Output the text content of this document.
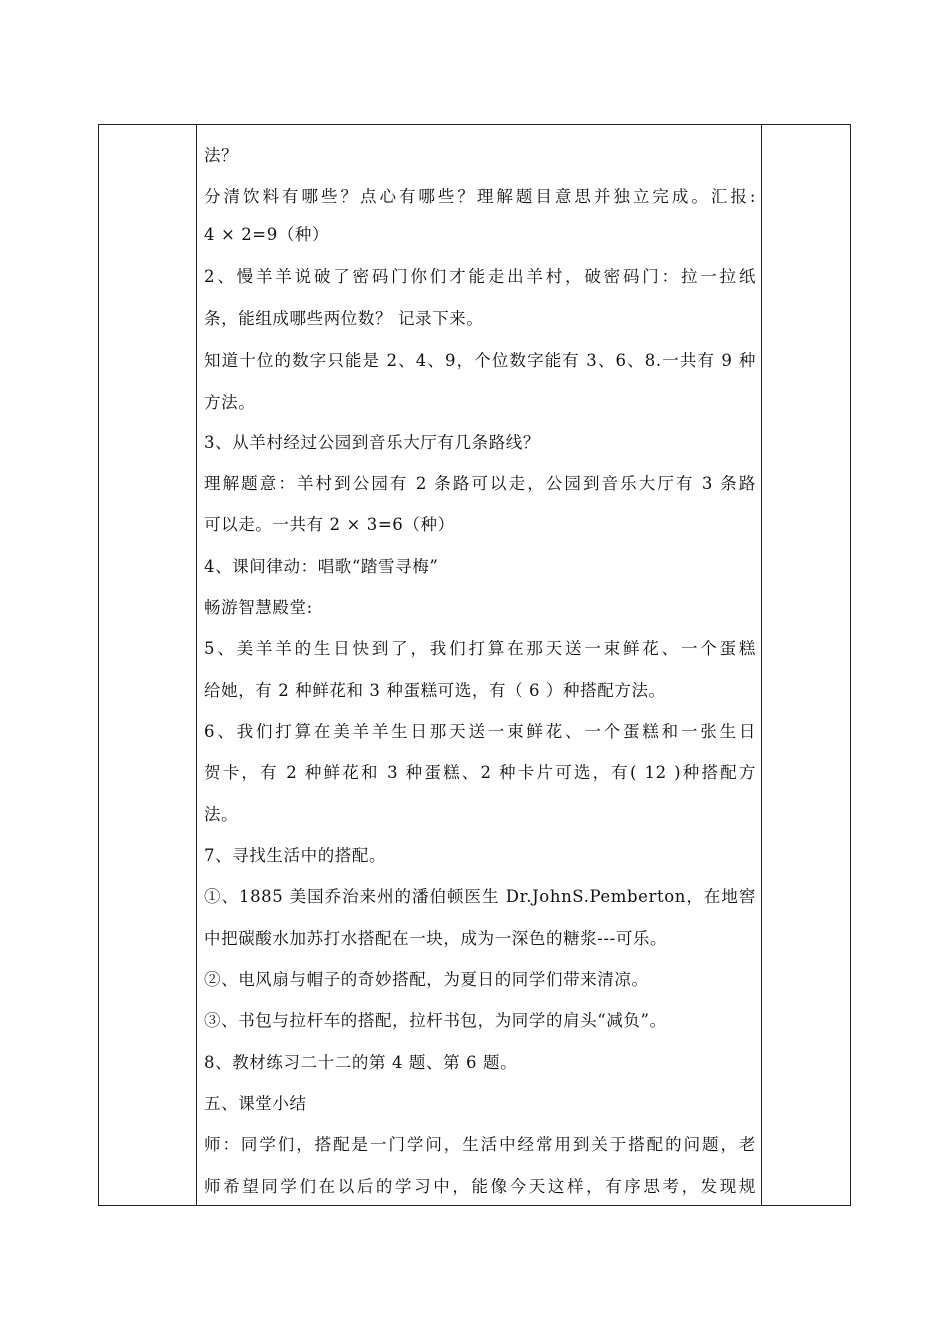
法？
分清饮料有哪些？点心有哪些？理解题目意思并独立完成。汇报:
4 × 2=9（种）
2、慢羊羊说破了密码门你们才能走出羊村，破密码门：拉一拉纸
条，能组成哪些两位数？ 记录下来。
知道十位的数字只能是 2、4、9，个位数字能有 3、6、8.一共有 9 种
方法。
3、从羊村经过公园到音乐大厅有几条路线？
理解题意：羊村到公园有 2 条路可以走，公园到音乐大厅有 3 条路
可以走。一共有 2 × 3=6（种）
4、课间律动：唱歌“踏雪寻梅”
畅游智慧殿堂:
5、美羊羊的生日快到了，我们打算在那天送一束鲜花、一个蛋糕
给她，有 2 种鲜花和 3 种蛋糕可选，有（ 6 ）种搭配方法。
6、我们打算在美羊羊生日那天送一束鲜花、一个蛋糕和一张生日
贺卡，有 2 种鲜花和 3 种蛋糕、2 种卡片可选，有( 12 )种搭配方
法。
7、寻找生活中的搭配。
①、1885 美国乔治来州的潘伯顿医生 Dr.JohnS.Pemberton，在地窖
中把碳酸水加苏打水搭配在一块，成为一深色的糖浆---可乐。
②、电风扇与帽子的奇妙搭配，为夏日的同学们带来清凉。
③、书包与拉杆车的搭配，拉杆书包，为同学的肩头“减负”。
8、教材练习二十二的第 4 题、第 6 题。
五、课堂小结
师：同学们，搭配是一门学问，生活中经常用到关于搭配的问题，老
师希望同学们在以后的学习中，能像今天这样，有序思考，发现规
